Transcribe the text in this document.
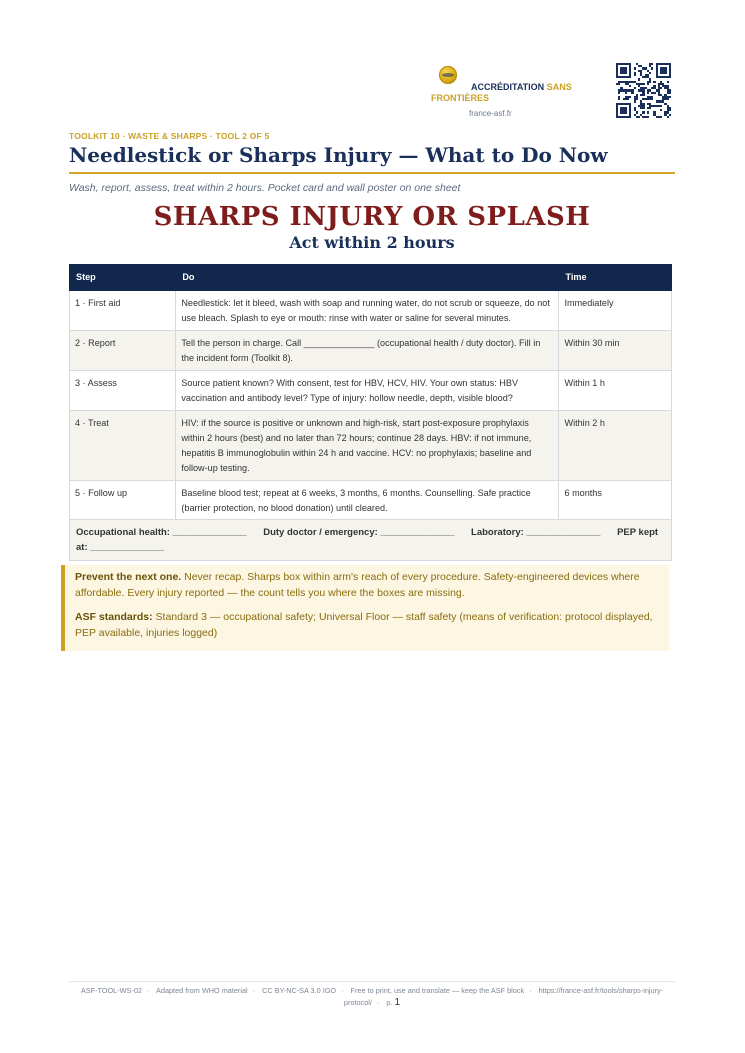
ACCRÉDITATION SANS FRONTIÈRES
france-asf.fr
TOOLKIT 10 · WASTE & SHARPS · TOOL 2 OF 5
Needlestick or Sharps Injury — What to Do Now
Wash, report, assess, treat within 2 hours. Pocket card and wall poster on one sheet
SHARPS INJURY OR SPLASH
Act within 2 hours
Step	Do	Time
1 · First aid	Needlestick: let it bleed, wash with soap and running water, do not scrub or squeeze, do not use bleach. Splash to eye or mouth: rinse with water or saline for several minutes.	Immediately
2 · Report	Tell the person in charge. Call ______________ (occupational health / duty doctor). Fill in the incident form (Toolkit 8).	Within 30 min
3 · Assess	Source patient known? With consent, test for HBV, HCV, HIV. Your own status: HBV vaccination and antibody level? Type of injury: hollow needle, depth, visible blood?	Within 1 h
4 · Treat	HIV: if the source is positive or unknown and high-risk, start post-exposure prophylaxis within 2 hours (best) and no later than 72 hours; continue 28 days. HBV: if not immune, hepatitis B immunoglobulin within 24 h and vaccine. HCV: no prophylaxis; baseline and follow-up testing.	Within 2 h
5 · Follow up	Baseline blood test; repeat at 6 weeks, 3 months, 6 months. Counselling. Safe practice (barrier protection, no blood donation) until cleared.	6 months
Occupational health: ______________ Duty doctor / emergency: ______________ Laboratory: ______________ PEP kept at: ______________

Prevent the next one. Never recap. Sharps box within arm's reach of every procedure. Safety-engineered devices where affordable. Every injury reported — the count tells you where the boxes are missing.

ASF standards: Standard 3 — occupational safety; Universal Floor — staff safety (means of verification: protocol displayed, PEP available, injuries logged)

ASF-TOOL-WS-02 · Adapted from WHO material · CC BY-NC-SA 3.0 IGO · Free to print, use and translate — keep the ASF block · https://france-asf.fr/tools/sharps-injury-protocol/ · p. 1
